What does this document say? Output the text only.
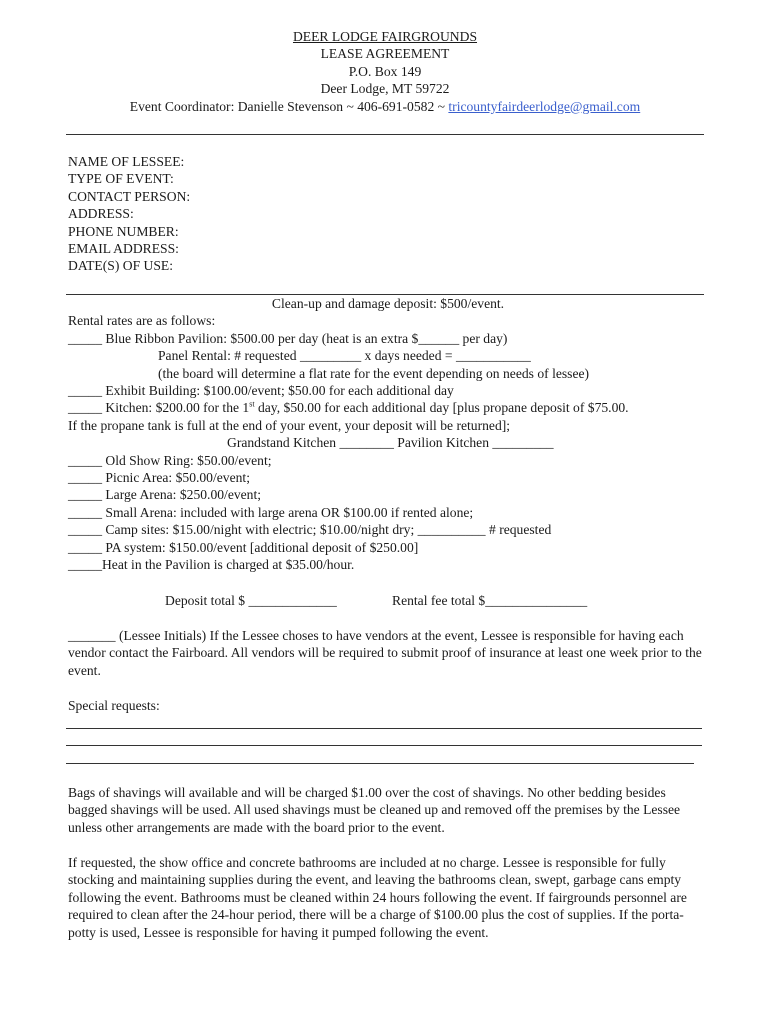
DEER LODGE FAIRGROUNDS
LEASE AGREEMENT
P.O. Box 149
Deer Lodge, MT 59722
Event Coordinator: Danielle Stevenson ~ 406-691-0582 ~ tricountyfairdeerlodge@gmail.com
NAME OF LESSEE:
TYPE OF EVENT:
CONTACT PERSON:
ADDRESS:
PHONE NUMBER:
EMAIL ADDRESS:
DATE(S) OF USE:
Clean-up and damage deposit: $500/event.
Rental rates are as follows:
_____ Blue Ribbon Pavilion: $500.00 per day (heat is an extra $______ per day)
Panel Rental: # requested _________ x days needed = ___________
(the board will determine a flat rate for the event depending on needs of lessee)
_____ Exhibit Building: $100.00/event; $50.00 for each additional day
_____ Kitchen: $200.00 for the 1st day, $50.00 for each additional day [plus propane deposit of $75.00.
If the propane tank is full at the end of your event, your deposit will be returned];
Grandstand Kitchen ________ Pavilion Kitchen _________
_____ Old Show Ring: $50.00/event;
_____ Picnic Area: $50.00/event;
_____ Large Arena: $250.00/event;
_____ Small Arena: included with large arena OR $100.00 if rented alone;
_____ Camp sites: $15.00/night with electric; $10.00/night dry; __________ # requested
_____ PA system: $150.00/event [additional deposit of $250.00]
_____Heat in the Pavilion is charged at $35.00/hour.
Deposit total $ _____________	Rental fee total $_______________
_______ (Lessee Initials) If the Lessee choses to have vendors at the event, Lessee is responsible for having each vendor contact the Fairboard. All vendors will be required to submit proof of insurance at least one week prior to the event.
Special requests:
Bags of shavings will available and will be charged $1.00 over the cost of shavings. No other bedding besides bagged shavings will be used. All used shavings must be cleaned up and removed off the premises by the Lessee unless other arrangements are made with the board prior to the event.
If requested, the show office and concrete bathrooms are included at no charge. Lessee is responsible for fully stocking and maintaining supplies during the event, and leaving the bathrooms clean, swept, garbage cans empty following the event. Bathrooms must be cleaned within 24 hours following the event. If fairgrounds personnel are required to clean after the 24-hour period, there will be a charge of $100.00 plus the cost of supplies. If the porta-potty is used, Lessee is responsible for having it pumped following the event.
